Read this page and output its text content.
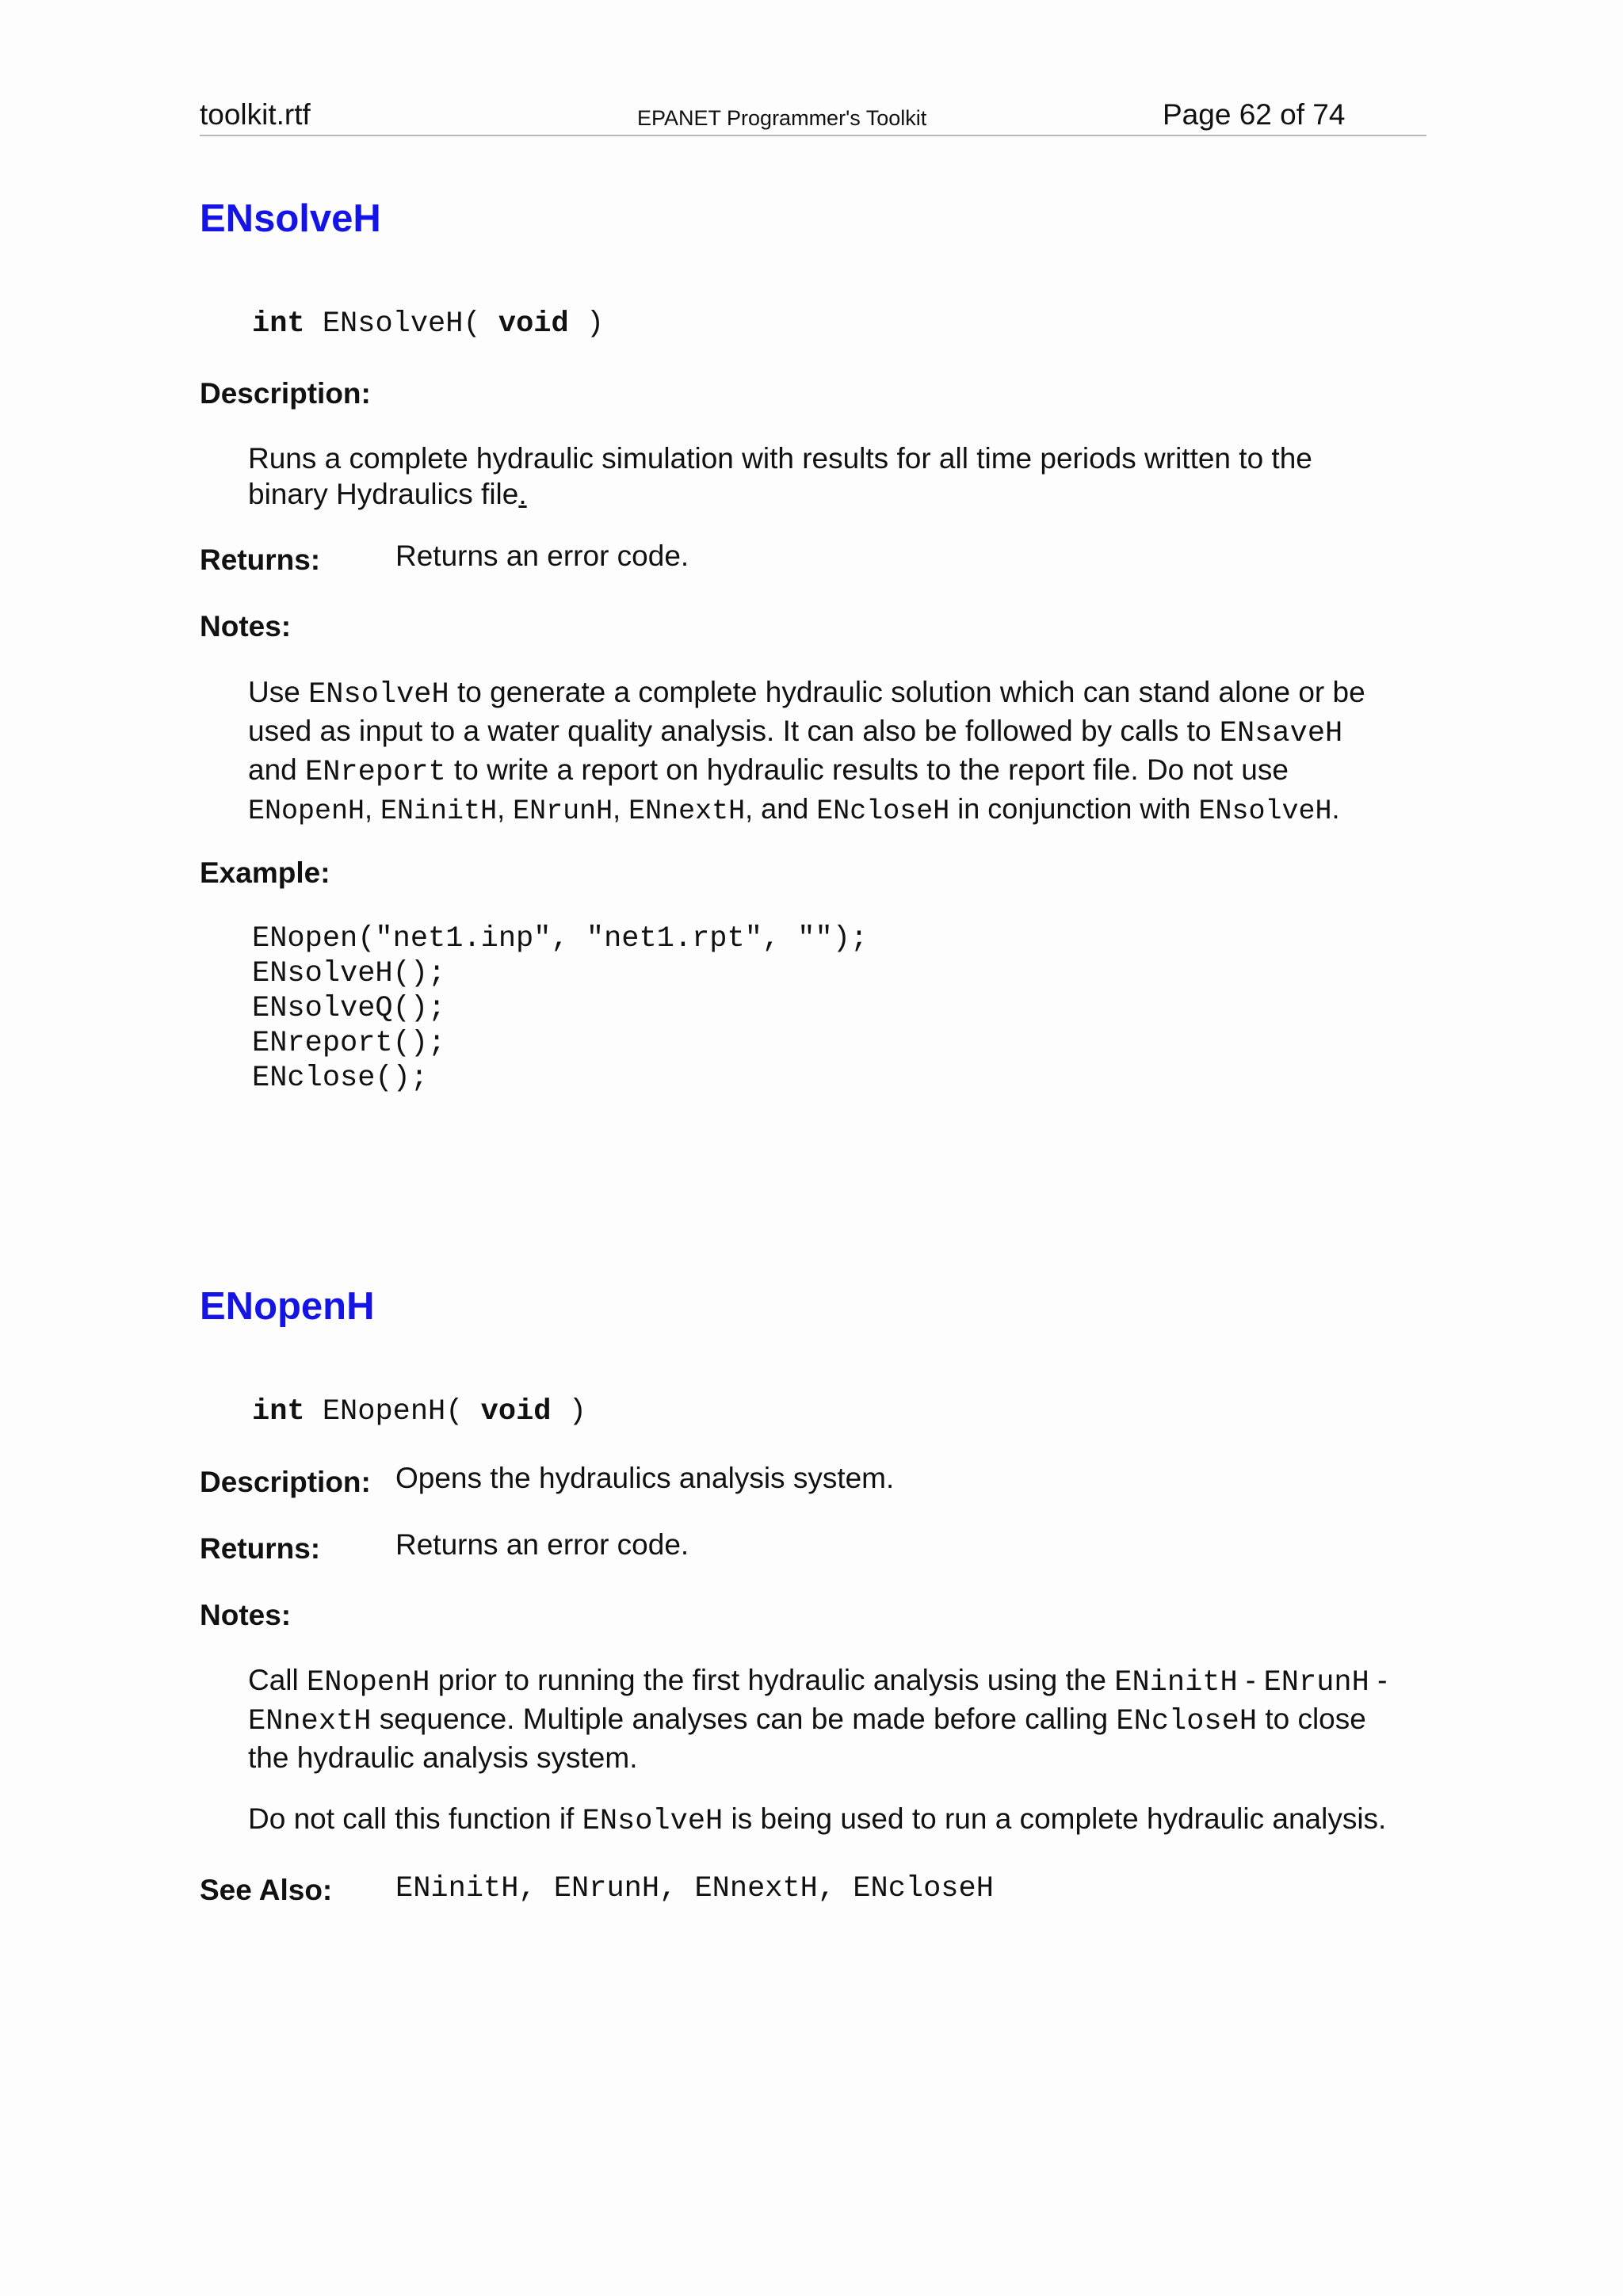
toolkit.rtf	EPANET Programmer's Toolkit	Page 62 of 74
ENsolveH
int ENsolveH( void )
Description:
Runs a complete hydraulic simulation with results for all time periods written to the
binary Hydraulics file.
Returns:	Returns an error code.
Notes:
Use ENsolveH to generate a complete hydraulic solution which can stand alone or be
used as input to a water quality analysis. It can also be followed by calls to ENsaveH
and ENreport to write a report on hydraulic results to the report file. Do not use
ENopenH, ENinitH, ENrunH, ENnextH, and ENcloseH in conjunction with ENsolveH.
Example:
ENopen("net1.inp", "net1.rpt", "");
ENsolveH();
ENsolveQ();
ENreport();
ENclose();
ENopenH
int ENopenH( void )
Description: Opens the hydraulics analysis system.
Returns:	Returns an error code.
Notes:
Call ENopenH prior to running the first hydraulic analysis using the ENinitH - ENrunH -
ENnextH sequence. Multiple analyses can be made before calling ENcloseH to close
the hydraulic analysis system.
Do not call this function if ENsolveH is being used to run a complete hydraulic analysis.
See Also: ENinitH, ENrunH, ENnextH, ENcloseH
